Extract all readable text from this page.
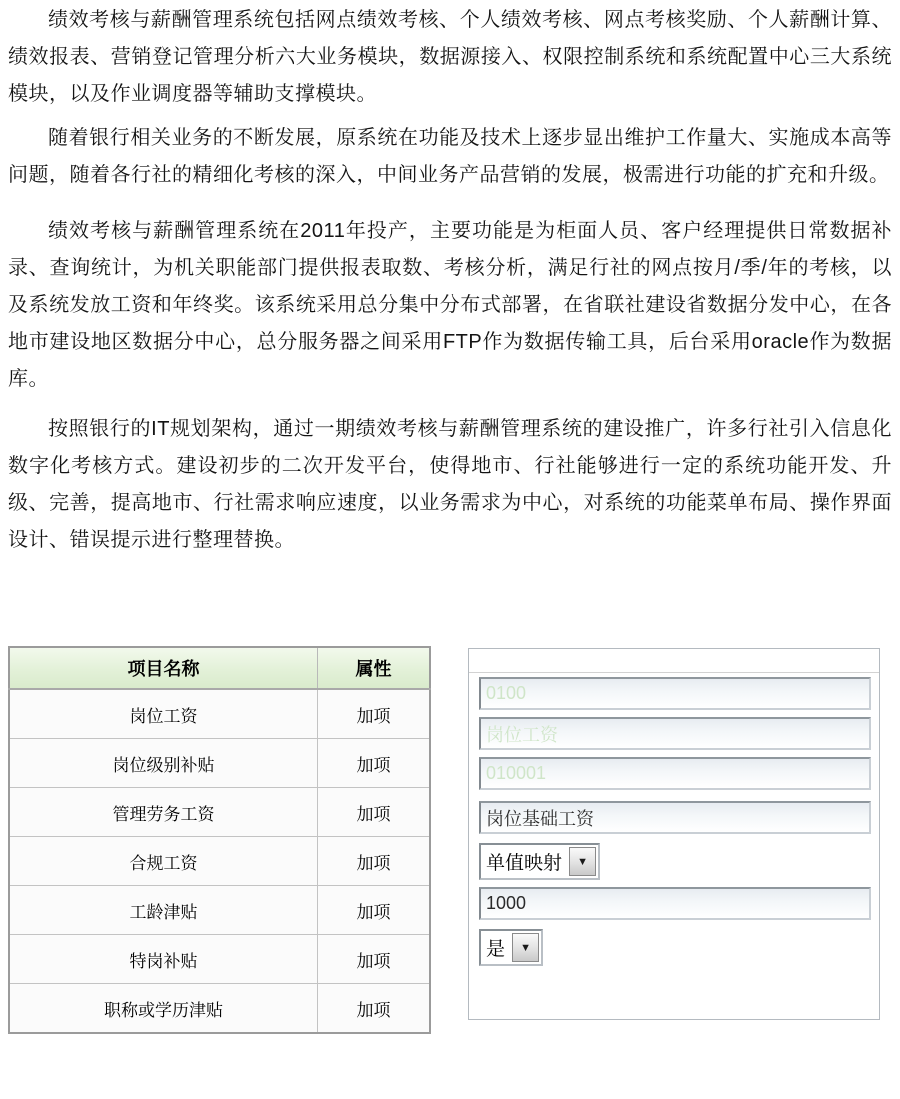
绩效考核与薪酬管理系统包括网点绩效考核、个人绩效考核、网点考核奖励、个人薪酬计算、绩效报表、营销登记管理分析六大业务模块，数据源接入、权限控制系统和系统配置中心三大系统模块，以及作业调度器等辅助支撑模块。

随着银行相关业务的不断发展，原系统在功能及技术上逐步显出维护工作量大、实施成本高等问题，随着各行社的精细化考核的深入，中间业务产品营销的发展，极需进行功能的扩充和升级。

绩效考核与薪酬管理系统在2011年投产，主要功能是为柜面人员、客户经理提供日常数据补录、查询统计，为机关职能部门提供报表取数、考核分析，满足行社的网点按月/季/年的考核，以及系统发放工资和年终奖。该系统采用总分集中分布式部署，在省联社建设省数据分发中心，在各地市建设地区数据分中心，总分服务器之间采用FTP作为数据传输工具，后台采用oracle作为数据库。

按照银行的IT规划架构，通过一期绩效考核与薪酬管理系统的建设推广，许多行社引入信息化数字化考核方式。建设初步的二次开发平台，使得地市、行社能够进行一定的系统功能开发、升级、完善，提高地市、行社需求响应速度，以业务需求为中心，对系统的功能菜单布局、操作界面设计、错误提示进行整理替换。

项目名称	属性
岗位工资	加项
岗位级别补贴	加项
管理劳务工资	加项
合规工资	加项
工龄津贴	加项
特岗补贴	加项
职称或学历津贴	加项
0100
岗位工资
010001
岗位基础工资
单值映射	▼
1000
是	▼
